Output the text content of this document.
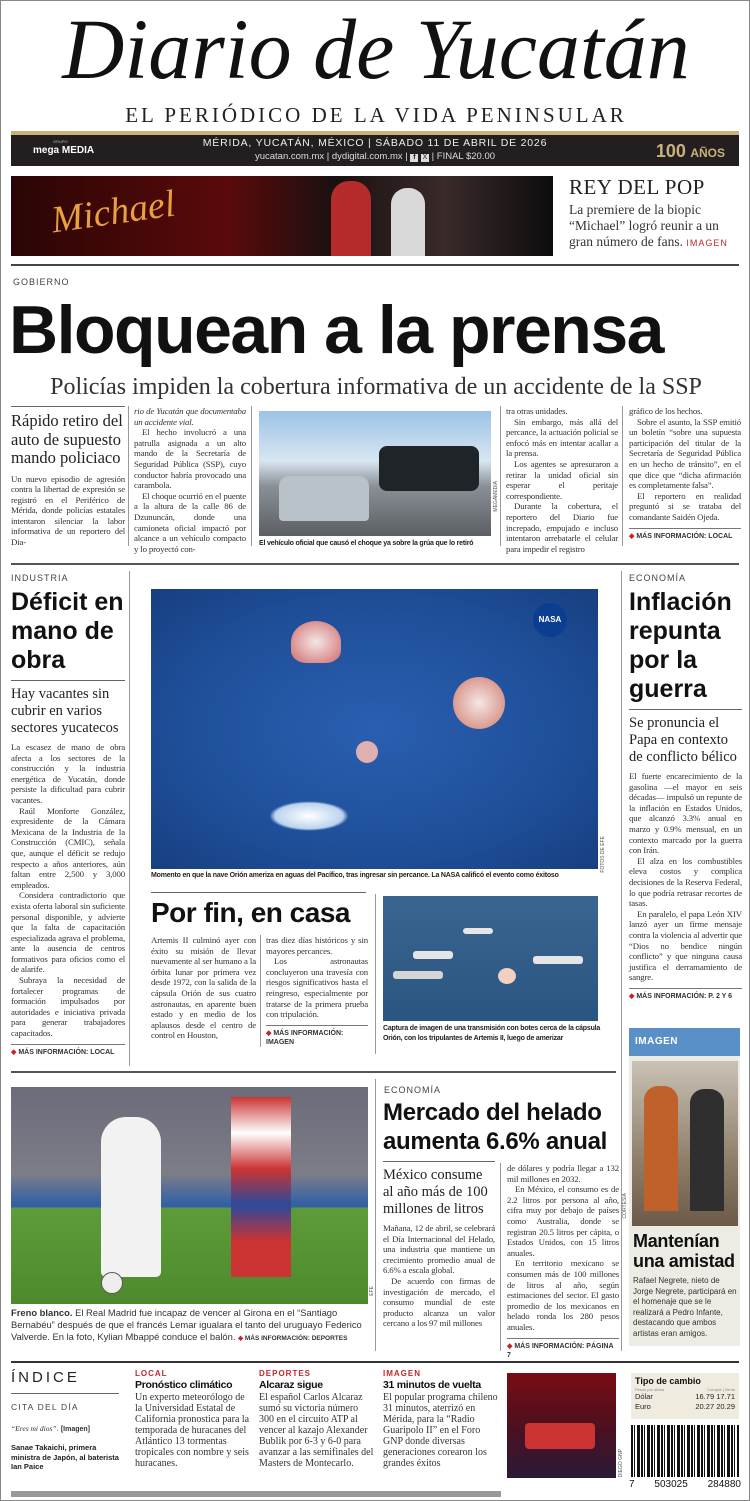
Diario de Yucatán
EL PERIÓDICO DE LA VIDA PENINSULAR
GRUPO
mega MEDIA
MÉRIDA, YUCATÁN, MÉXICO | SÁBADO 11 DE ABRIL DE 2026
yucatan.com.mx | dydigital.com.mx | f X | FINAL $20.00	100 AÑOS
Michael	REY DEL POP
La premiere de la biopic “Michael” logró reunir a un gran número de fans. IMAGEN
GOBIERNO
Bloquean a la prensa
Policías impiden la cobertura informativa de un accidente de la SSP
Rápido retiro del auto de supuesto mando policiaco

Un nuevo episodio de agresión contra la libertad de expresión se registró en el Periférico de Mérida, donde policías estatales intentaron silenciar la labor informativa de un reportero del Dia-

rio de Yucatán que documentaba un accidente vial.

El hecho involucró a una patrulla asignada a un alto mando de la Secretaría de Seguridad Pública (SSP), cuyo conductor habría provocado una carambola.

El choque ocurrió en el puente a la altura de la calle 86 de Dzununcán, donde una camioneta oficial impactó por alcance a un vehículo compacto y lo proyectó con-

MEGAMEDIA
El vehículo oficial que causó el choque ya sobre la grúa que lo retiró

tra otras unidades.

Sin embargo, más allá del percance, la actuación policial se enfocó más en intentar acallar a la prensa.

Los agentes se apresuraron a retirar la unidad oficial sin esperar el peritaje correspondiente.

Durante la cobertura, el reportero del Diario fue increpado, empujado e incluso intentaron arrebatarle el celular para impedir el registro

gráfico de los hechos.

Sobre el asunto, la SSP emitió un boletín “sobre una supuesta participación del titular de la Secretaría de Seguridad Pública en un hecho de tránsito”, en el que dice que “dicha afirmación es completamente falsa”.

El reportero en realidad preguntó si se trataba del comandante Saidén Ojeda.

◆ MÁS INFORMACIÓN: LOCAL
INDUSTRIA
Déficit en mano de obra
Hay vacantes sin cubrir en varios sectores yucatecos

La escasez de mano de obra afecta a los sectores de la construcción y la industria energética de Yucatán, donde persiste la dificultad para cubrir vacantes.

Raúl Monforte González, expresidente de la Cámara Mexicana de la Industria de la Construcción (CMIC), señala que, aunque el déficit se redujo respecto a años anteriores, aún faltan entre 2,500 y 3,000 empleados.

Considera contradictorio que exista oferta laboral sin suficiente personal disponible, y advierte que la falta de capacitación especializada agrava el problema, ante la ausencia de centros formativos para oficios como el de alarife.

Subraya la necesidad de fortalecer programas de formación impulsados por autoridades e iniciativa privada para generar trabajadores capacitados.

◆ MÁS INFORMACIÓN: LOCAL
NASA
FOTOS DE EFE
Momento en que la nave Orión ameriza en aguas del Pacífico, tras ingresar sin percance. La NASA calificó el evento como éxitoso
Por fin, en casa

Artemis II culminó ayer con éxito su misión de llevar nuevamente al ser humano a la órbita lunar por primera vez desde 1972, con la salida de la cápsula Orión de sus cuatro astronautas, en aparente buen estado y en medio de los aplausos desde el centro de control en Houston,

tras diez días históricos y sin mayores percances.

Los astronautas concluyeron una travesía con riesgos significativos hasta el reingreso, especialmente por tratarse de la primera prueba con tripulación.

◆ MÁS INFORMACIÓN: IMAGEN
Captura de imagen de una transmisión con botes cerca de la cápsula Orión, con los tripulantes de Artemis II, luego de amerizar
ECONOMÍA
Inflación repunta por la guerra
Se pronuncia el Papa en contexto de conflicto bélico

El fuerte encarecimiento de la gasolina —el mayor en seis décadas— impulsó un repunte de la inflación en Estados Unidos, que alcanzó 3.3% anual en marzo y 0.9% mensual, en un contexto marcado por la guerra con Irán.

El alza en los combustibles eleva costos y complica decisiones de la Reserva Federal, lo que podría retrasar recortes de tasas.

En paralelo, el papa León XIV lanzó ayer un firme mensaje contra la violencia al advertir que “Dios no bendice ningún conflicto” y que ninguna causa justifica el derramamiento de sangre.

◆ MÁS INFORMACIÓN: P. 2 Y 6
IMAGEN
CORTESÍA
Mantenían una amistad
Rafael Negrete, nieto de Jorge Negrete, participará en el homenaje que se le realizará a Pedro Infante, destacando que ambos artistas eran amigos.
EFE
Freno blanco. El Real Madrid fue incapaz de vencer al Girona en el “Santiago Bernabéu” después de que el francés Lemar igualara el tanto del uruguayo Federico Valverde. En la foto, Kylian Mbappé conduce el balón. ◆ MÁS INFORMACIÓN: DEPORTES
ECONOMÍA
Mercado del helado aumenta 6.6% anual
México consume al año más de 100 millones de litros

Mañana, 12 de abril, se celebrará el Día Internacional del Helado, una industria que mantiene un crecimiento promedio anual de 6.6% a escala global.

De acuerdo con firmas de investigación de mercado, el consumo mundial de este producto alcanza un valor cercano a los 97 mil millones

de dólares y podría llegar a 132 mil millones en 2032.

En México, el consumo es de 2.2 litros por persona al año, cifra muy por debajo de países como Australia, donde se registran 20.5 litros per cápita, o Estados Unidos, con 15 litros anuales.

En territorio mexicano se consumen más de 100 millones de litros al año, según estimaciones del sector. El gasto promedio de los mexicanos en helado ronda los 280 pesos anuales.

◆ MÁS INFORMACIÓN: PÁGINA 7
ÍNDICE
CITA DEL DÍA
“Eres mi dios”. [Imagen]
Sanae Takaichi, primera ministra de Japón, al baterista Ian Paice
LOCAL
Pronóstico climático
Un experto meteorólogo de la Universidad Estatal de California pronostica para la temporada de huracanes del Atlántico 13 tormentas tropicales con nombre y seis huracanes.
DEPORTES
Alcaraz sigue
El español Carlos Alcaraz sumó su victoria número 300 en el circuito ATP al vencer al kazajo Alexander Bublik por 6-3 y 6-0 para avanzar a las semifinales del Masters de Montecarlo.
IMAGEN
31 minutos de vuelta
El popular programa chileno 31 minutos, aterrizó en Mérida, para la “Radio Guaripolo II” en el Foro GNP donde diversas generaciones corearon los grandes éxitos	DIEGO GNP
Tipo de cambio
Pesos por divisa	Compra | Venta
Dólar	16.79 17.71
Euro	20.27 20.29
7 503025 284880
